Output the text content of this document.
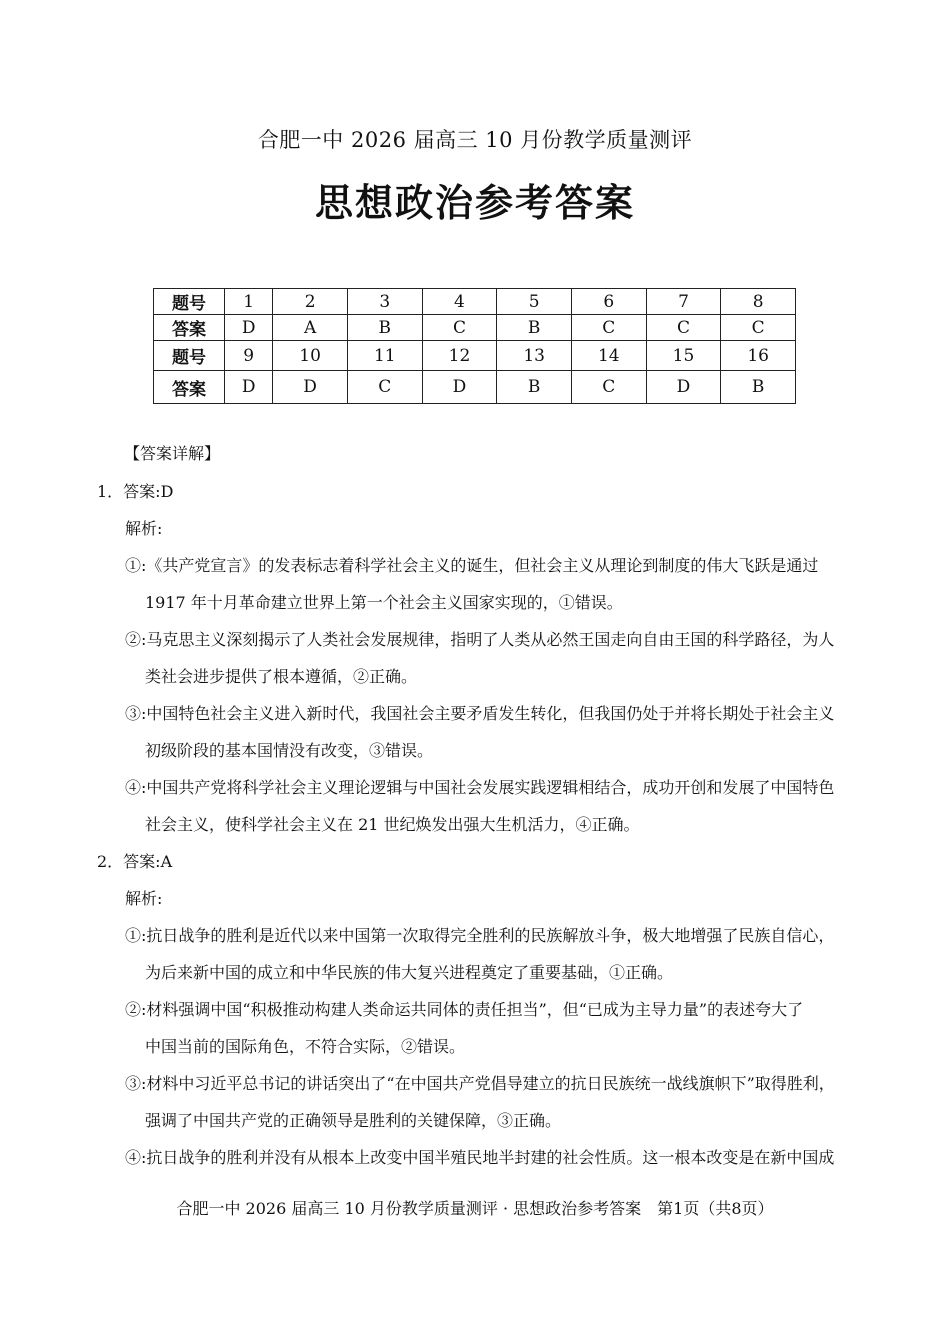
合肥一中 2026 届高三 10 月份教学质量测评
思想政治参考答案
题号	1	2	3	4	5	6	7	8
答案	D	A	B	C	B	C	C	C
题号	9	10	11	12	13	14	15	16
答案	D	D	C	D	B	C	D	B
【答案详解】
1．答案:D
解析:
①:《共产党宣言》的发表标志着科学社会主义的诞生，但社会主义从理论到制度的伟大飞跃是通过
1917 年十月革命建立世界上第一个社会主义国家实现的，①错误。
②:马克思主义深刻揭示了人类社会发展规律，指明了人类从必然王国走向自由王国的科学路径，为人
类社会进步提供了根本遵循，②正确。
③:中国特色社会主义进入新时代，我国社会主要矛盾发生转化，但我国仍处于并将长期处于社会主义
初级阶段的基本国情没有改变，③错误。
④:中国共产党将科学社会主义理论逻辑与中国社会发展实践逻辑相结合，成功开创和发展了中国特色
社会主义，使科学社会主义在 21 世纪焕发出强大生机活力，④正确。
2．答案:A
解析:
①:抗日战争的胜利是近代以来中国第一次取得完全胜利的民族解放斗争，极大地增强了民族自信心，
为后来新中国的成立和中华民族的伟大复兴进程奠定了重要基础，①正确。
②:材料强调中国“积极推动构建人类命运共同体的责任担当”，但“已成为主导力量”的表述夸大了
中国当前的国际角色，不符合实际，②错误。
③:材料中习近平总书记的讲话突出了“在中国共产党倡导建立的抗日民族统一战线旗帜下”取得胜利，
强调了中国共产党的正确领导是胜利的关键保障，③正确。
④:抗日战争的胜利并没有从根本上改变中国半殖民地半封建的社会性质。这一根本改变是在新中国成
合肥一中 2026 届高三 10 月份教学质量测评 · 思想政治参考答案　第1页（共8页）
